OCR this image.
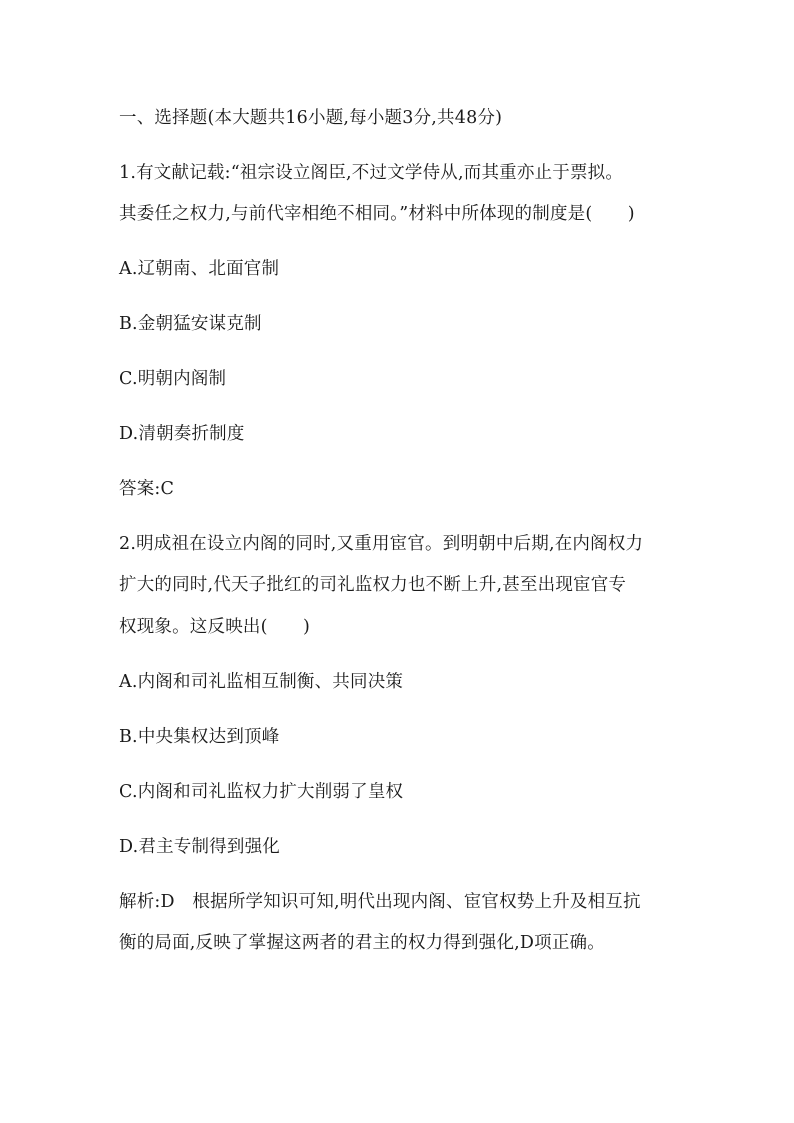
一、选择题(本大题共16小题,每小题3分,共48分)
1.有文献记载:“祖宗设立阁臣,不过文学侍从,而其重亦止于票拟。
其委任之权力,与前代宰相绝不相同。”材料中所体现的制度是(　　)
A.辽朝南、北面官制
B.金朝猛安谋克制
C.明朝内阁制
D.清朝奏折制度
答案:C
2.明成祖在设立内阁的同时,又重用宦官。到明朝中后期,在内阁权力
扩大的同时,代天子批红的司礼监权力也不断上升,甚至出现宦官专
权现象。这反映出(　　)
A.内阁和司礼监相互制衡、共同决策
B.中央集权达到顶峰
C.内阁和司礼监权力扩大削弱了皇权
D.君主专制得到强化
解析:D　根据所学知识可知,明代出现内阁、宦官权势上升及相互抗
衡的局面,反映了掌握这两者的君主的权力得到强化,D项正确。
